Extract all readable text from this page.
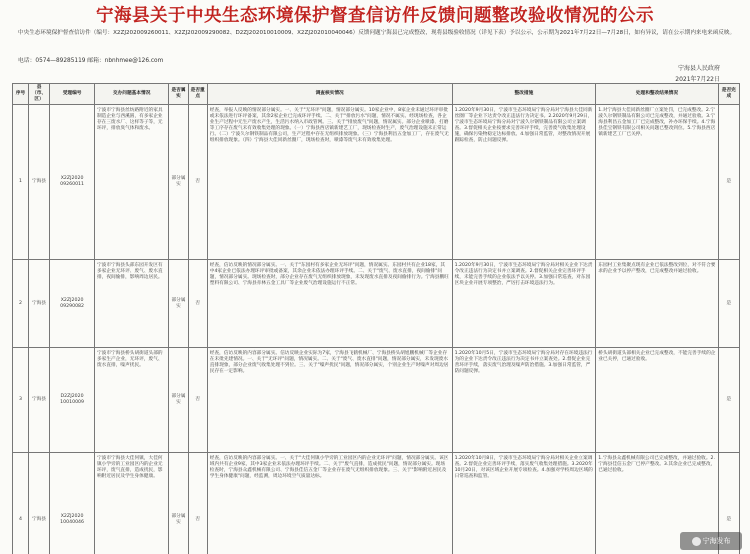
宁海县关于中央生态环境保护督查信访件反馈问题整改验收情况的公示
中央生态环境保护督查信访件（编号：X2ZJ202009260011、X2ZJ202009290082、D2ZJ202010010009、X2ZJ202010040046）反馈问题宁海县已完成整改，现将县级验收情况（详见下表）予以公示，公示期为2021年7月22日—7月28日，如有异议，请在公示期内来电来函反映。
电话：0574—89285119 邮箱：nbnhmee@126.com
宁海县人民政府
2021年7月22日
序号	县（市、区）	受理编号	交办问题基本情况	是否属实	是否重点	调查核实情况	整改措施	处理和整改结果情况	是否完成
1	宁海县	X2ZJ2020 09260011	宁波市宁海县丝纺路附近的家具制造企业与西溪圆，有多家企业存在三废水厂、这样等子等，无环评，排放臭气体和废水。	部分属实	否	经查，举报人反映的情况部分属实。一、关于"无环评"问题，情况部分属实。10家企业中，8家企业未通过环评审批或未依法进行环评备案，其余2家企业已完成环评手续。二、关于"排放污水"问题，情况不属实。经现场检查，各企业生产过程中无生产废水产生，生活污水纳入市政管网。三、关于"排放废气"问题，情况属实。部分企业喷漆、打磨等工序存在废气未有效收集处理的现象。（一）宁海县西店镇新建艺工厂，现场检查时生产，废气治理设施未正常运行。（二）宁波久尔钢铁制品有限公司，生产过程中存在无组织排放现象。（三）宁海县利昌五金加工厂，存在废气无组织排放现象。（四）宁海县大佳同新丝圈厂，现场检查时，喷漆等废气未有效收集处理。	1.2020年9月30日，宁波市生态环境局宁海分局对宁海县大佳同新丝圈厂等企业下达责令改正违法行为决定书。2.2020年9月29日，宁波市生态环境局宁海分局对宁波久尔钢铁制品有限公司立案调查。3.督促相关企业按要求完善环评手续，完善废气收集处理设施，确保污染物稳定达标排放。4.加强日常监管，对整改情况开展跟踪检查，防止问题反弹。	1.对宁海县大佳同新丝圈厂立案处罚，已完成整改。2.宁波久尔钢铁制品有限公司已完成整改，并通过验收。3.宁海县利昌五金加工厂已完成整改，补办环保手续。4.宁海县佳宝钢铁有限公司相关问题已整改到位。5.宁海县西店镇新建艺工厂已关停。	是
2	宁海县	X2ZJ2020 09290082	宁波市宁海县头部东园开发区有多家企业无环评、废气、废水直排，夜间偷排，影响周边居民。	部分属实	否	经查，信访反映的情况部分属实。一、关于"东园村有多家企业无环评"问题，情况属实。东园村共有企业18家，其中4家企业已依法办理环评审批或备案，其余企业未依法办理环评手续。二、关于"废气、废水直排，夜间偷排"问题，情况部分属实。现场检查时，部分企业存在废气无组织排放现象，未发现废水直排及夜间偷排行为。宁海县鹏旺塑料有限公司、宁海县赤林五金工具厂等企业废气治理设施运行不正常。	1.2020年9月30日，宁波市生态环境局宁海分局对相关企业下达责令改正违法行为决定书并立案调查。2.督促相关企业完善环评手续，未能完善手续的企业依法予以关停。3.加强日常巡查，对东园区块企业开展专项整治，严厉打击环境违法行为。	东园村工业集聚点现有企业已依法整改到位，对不符合要求的企业予以停产整改，已完成整改并通过验收。	是
3	宁海县	D2ZJ2020 10010009	宁波市宁海县桥头胡街道头部的多家生产企业，无环评，废气、废水直排，噪声扰民。	部分属实	否	经查，信访反映的内容部分属实。信访反映企业实际为7家，宁海县飞鹤机械厂、宁海县桥头胡旭鹏机械厂等企业存在未批先建情况。一、关于"无环评"问题，情况属实。二、关于"废气、废水直排"问题，情况部分属实，未发现废水直排现象，部分企业废气收集处理不到位。三、关于"噪声扰民"问题，情况部分属实，个别企业生产时噪声对周边居民存在一定影响。	1.2020年10月5日，宁波市生态环境局宁海分局对存在环境违法行为的企业下达责令改正违法行为决定书并立案查处。2.督促企业完善环评手续，落实废气治理及噪声防治措施。3.加强日常监管，严防问题反弹。	桥头胡街道头部相关企业已完成整改，不能完善手续的企业已关停，已通过验收。	是
4	宁海县	X2ZJ2020 10040046	宁波市宁海县大佳何镇，大佳何镇小学旁的工业园区内的企业无环评，废气直排，造成扰民，影响附近居民及学生身体健康。	部分属实	否	经查，信访反映的内容部分属实。一、关于"大佳何镇小学旁的工业园区内的企业无环评"问题，情况部分属实。该区域内共有企业9家，其中3家企业未依法办理环评手续。二、关于"废气直排，造成扰民"问题，情况部分属实。现场检查时，宁海县众鑫机械有限公司、宁海县佳信五金厂等企业存在废气无组织排放现象。三、关于"影响附近居民及学生身体健康"问题，经监测，周边环境空气质量达标。	1.2020年10月8日，宁波市生态环境局宁海分局对相关企业立案调查。2.督促企业完善环评手续，落实废气收集处理措施。3.2020年10月20日，对该区域企业开展专项检查。4.加强对学校周边区域的日常巡查和监管。	1.宁海县众鑫机械有限公司已完成整改，并通过验收。2.宁海县佳信五金厂已停产整改。3.其余企业已完成整改，已通过验收。	是
宁海发布
